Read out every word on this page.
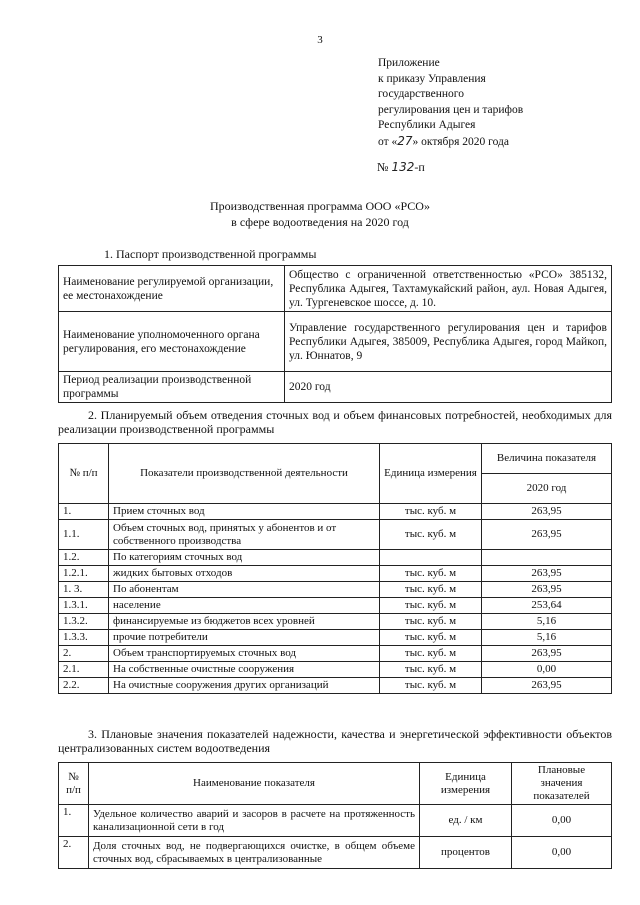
3
Приложение
к приказу Управления
государственного
регулирования цен и тарифов
Республики Адыгея
от «27» октября 2020 года
№ 132-п
Производственная программа ООО «РСО»
в сфере водоотведения на 2020 год
1. Паспорт производственной программы
Наименование регулируемой организации, ее местонахождение	Общество с ограниченной ответственностью «РСО» 385132, Республика Адыгея, Тахтамукайский район, аул. Новая Адыгея, ул. Тургеневское шоссе, д. 10.
Наименование уполномоченного органа регулирования, его местонахождение	Управление государственного регулирования цен и тарифов Республики Адыгея, 385009, Республика Адыгея, город Майкоп, ул. Юннатов, 9
Период реализации производственной программы	2020 год
2. Планируемый объем отведения сточных вод и объем финансовых потребностей, необходимых для реализации производственной программы
№ п/п	Показатели производственной деятельности	Единица измерения	Величина показателя
			2020 год
1.	Прием сточных вод	тыс. куб. м	263,95
1.1.	Объем сточных вод, принятых у абонентов и от собственного производства	тыс. куб. м	263,95
1.2.	По категориям сточных вод		
1.2.1.	жидких бытовых отходов	тыс. куб. м	263,95
1. 3.	По абонентам	тыс. куб. м	263,95
1.3.1.	население	тыс. куб. м	253,64
1.3.2.	финансируемые из бюджетов всех уровней	тыс. куб. м	5,16
1.3.3.	прочие потребители	тыс. куб. м	5,16
2.	Объем транспортируемых сточных вод	тыс. куб. м	263,95
2.1.	На собственные очистные сооружения	тыс. куб. м	0,00
2.2.	На очистные сооружения других организаций	тыс. куб. м	263,95
3. Плановые значения показателей надежности, качества и энергетической эффективности объектов централизованных систем водоотведения
№ п/п	Наименование показателя	Единица измерения	Плановые значения показателей
1.	Удельное количество аварий и засоров в расчете на протяженность канализационной сети в год	ед. / км	0,00
2.	Доля сточных вод, не подвергающихся очистке, в общем объеме сточных вод, сбрасываемых в централизованные	процентов	0,00
